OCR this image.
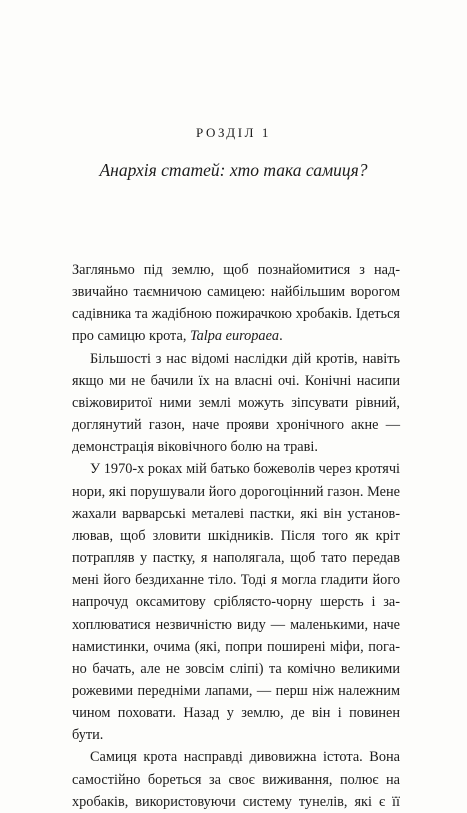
РОЗДІЛ 1
Анархія статей: хто така самиця?

Загляньмо під землю, щоб познайомитися з надзвичайно таємничою самицею: найбільшим ворогом садівника та жадібною пожирачкою хробаків. Ідеться про самицю крота, Talpa europaea.

Більшості з нас відомі наслідки дій кротів, навіть якщо ми не бачили їх на власні очі. Конічні насипи свіжовиритої ними землі можуть зіпсувати рівний, доглянутий газон, наче прояви хронічного акне — демонстрація віковічного болю на траві.

У 1970-х роках мій батько божеволів через кротячі нори, які порушували його дорогоцінний газон. Мене жахали варварські металеві пастки, які він установлював, щоб зловити шкідників. Після того як кріт потрапляв у пастку, я наполягала, щоб тато передав мені його бездиханне тіло. Тоді я могла гладити його напрочуд оксамитову сріблясто-чорну шерсть і захоплюватися незвичністю виду — маленькими, наче намистинки, очима (які, попри поширені міфи, погано бачать, але не зовсім сліпі) та комічно великими рожевими передніми лапами, — перш ніж належним чином поховати. Назад у землю, де він і повинен бути.

Самиця крота насправді дивовижна істота. Вона самостійно бореться за своє виживання, полює на хробаків, використовуючи систему тунелів, які є її
